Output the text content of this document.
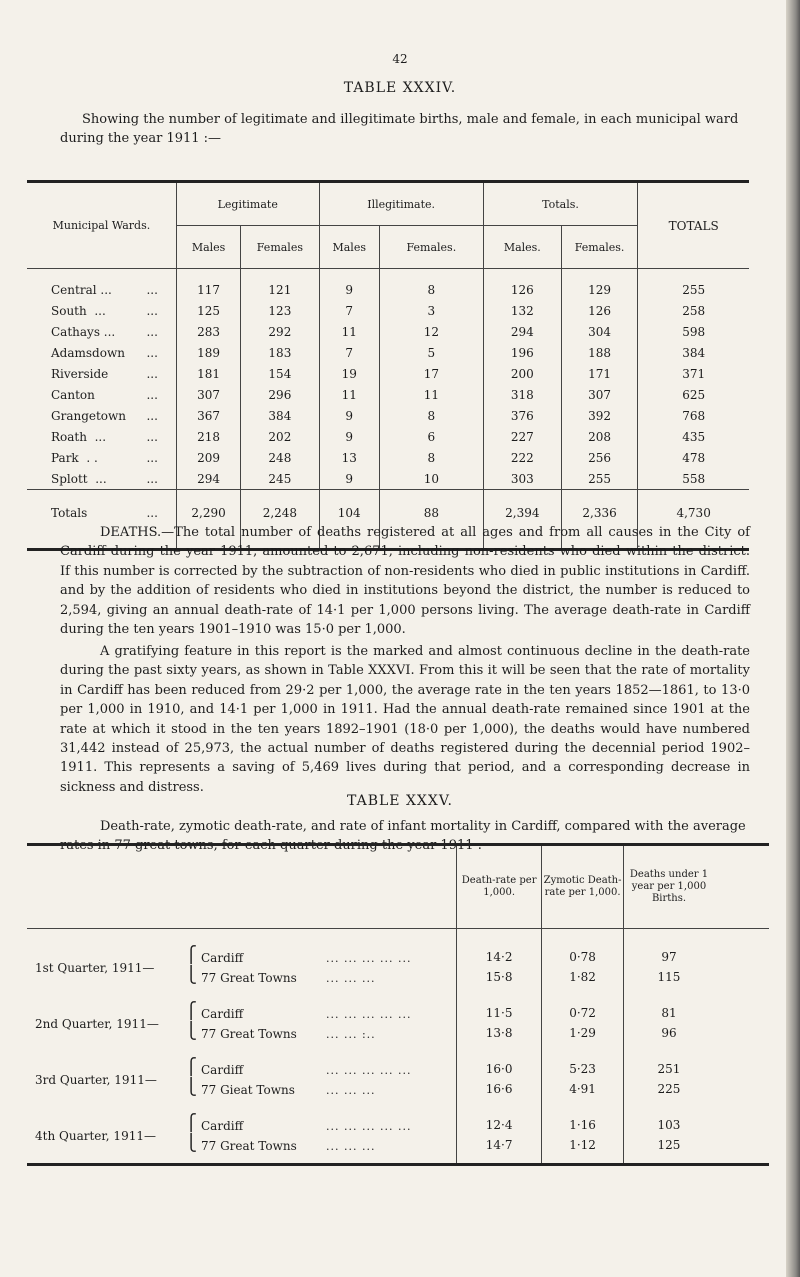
42
TABLE XXXIV.

Showing the number of legitimate and illegitimate births, male and female, in each municipal ward during the year 1911 :—

Municipal Wards.	Legitimate		Illegitimate.		Totals.		TOTALS
	Males	Females	Males	Females.	Males.	Females.	
Central ... ...	117	121	9	8	126	129	255
South  ... ...	125	123	7	3	132	126	258
Cathays ... ...	283	292	11	12	294	304	598
Adamsdown ...	189	183	7	5	196	188	384
Riverside ...	181	154	19	17	200	171	371
Canton ...	307	296	11	11	318	307	625
Grangetown ...	367	384	9	8	376	392	768
Roath  ... ...	218	202	9	6	227	208	435
Park  . . ...	209	248	13	8	222	256	478
Splott  ... ...	294	245	9	10	303	255	558
Totals ...	2,290	2,248	104	88	2,394	2,336	4,730

DEATHS.—The total number of deaths registered at all ages and from all causes in the City of Cardiff during the year 1911, amounted to 2,671, including non-residents who died within the district. If this number is corrected by the subtraction of non-residents who died in public institutions in Cardiff. and by the addition of residents who died in institutions beyond the district, the number is reduced to 2,594, giving an annual death-rate of 14·1 per 1,000 persons living. The average death-rate in Cardiff during the ten years 1901–1910 was 15·0 per 1,000.

A gratifying feature in this report is the marked and almost continuous decline in the death-rate during the past sixty years, as shown in Table XXXVI. From this it will be seen that the rate of mortality in Cardiff has been reduced from 29·2 per 1,000, the average rate in the ten years 1852—1861, to 13·0 per 1,000 in 1910, and 14·1 per 1,000 in 1911. Had the annual death-rate remained since 1901 at the rate at which it stood in the ten years 1892–1901 (18·0 per 1,000), the deaths would have numbered 31,442 instead of 25,973, the actual number of deaths registered during the decennial period 1902–1911. This represents a saving of 5,469 lives during that period, and a corresponding decrease in sickness and distress.

TABLE XXXV.

Death-rate, zymotic death-rate, and rate of infant mortality in Cardiff, compared with the average rates in 77 great towns, for each quarter during the year 1911 :—

	Death-rate per 1,000.	Zymotic Death-rate per 1,000.	Deaths under 1 year per 1,000 Births.	
1st Quarter, 1911—⎧ Cardiff ... ... ... ... ...	14·2	0·78	97	
⎩ 77 Great Towns ... ... ...	15·8	1·82	115	
2nd Quarter, 1911—⎧ Cardiff ... ... ... ... ...	11·5	0·72	81	
⎩ 77 Great Towns ... ... :..	13·8	1·29	96	
3rd Quarter, 1911—⎧ Cardiff ... ... ... ... ...	16·0	5·23	251	
⎩ 77 Gieat Towns ... ... ...	16·6	4·91	225	
4th Quarter, 1911—⎧ Cardiff ... ... ... ... ...	12·4	1·16	103	
⎩ 77 Great Towns ... ... ...	14·7	1·12	125	
